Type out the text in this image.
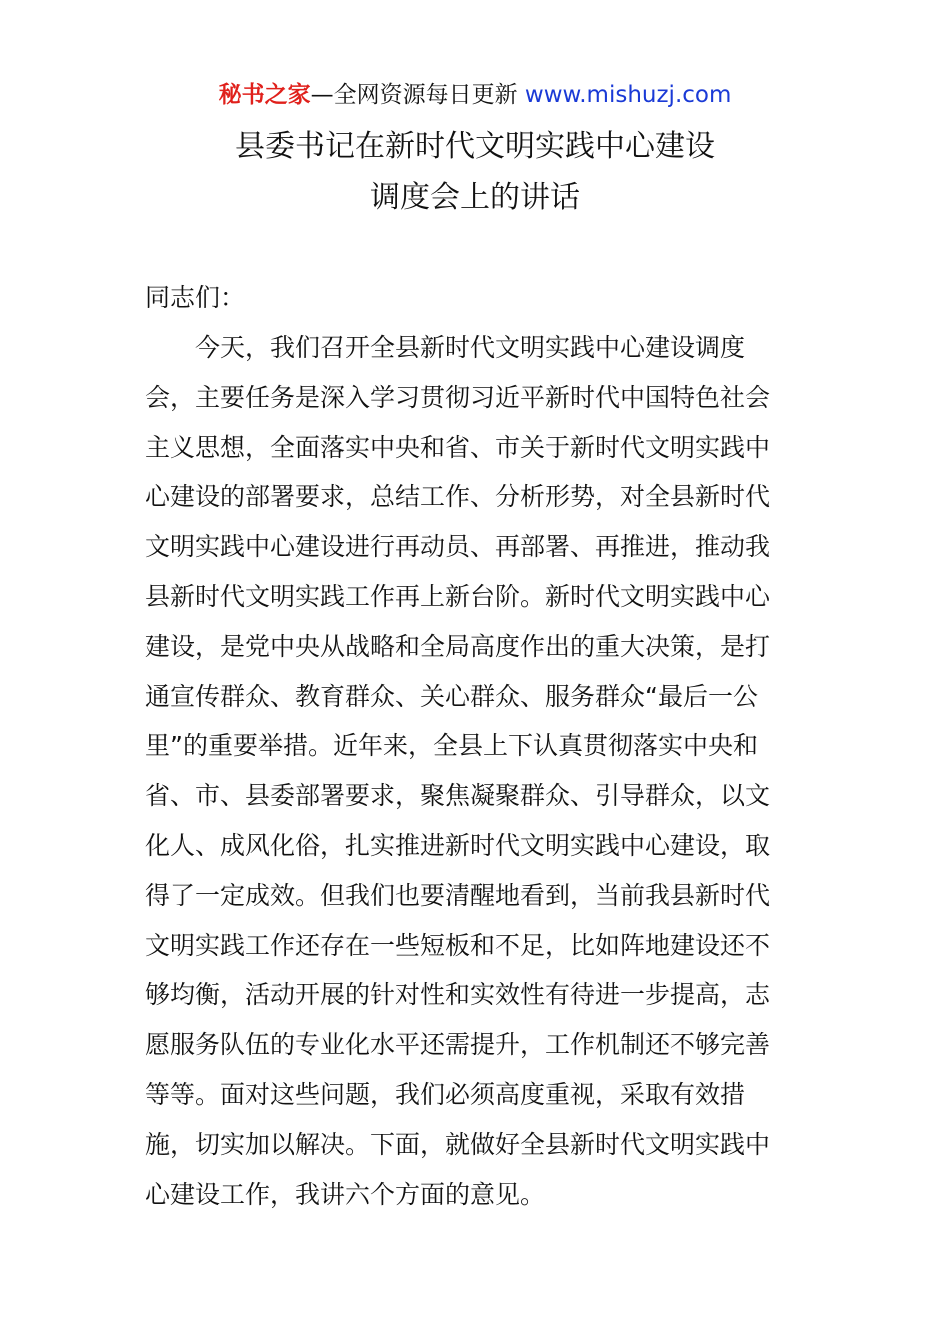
秘书之家—全网资源每日更新 www.mishuzj.com
县委书记在新时代文明实践中心建设
调度会上的讲话
同志们：
今天，我们召开全县新时代文明实践中心建设调度
会，主要任务是深入学习贯彻习近平新时代中国特色社会
主义思想，全面落实中央和省、市关于新时代文明实践中
心建设的部署要求，总结工作、分析形势，对全县新时代
文明实践中心建设进行再动员、再部署、再推进，推动我
县新时代文明实践工作再上新台阶。新时代文明实践中心
建设，是党中央从战略和全局高度作出的重大决策，是打
通宣传群众、教育群众、关心群众、服务群众“最后一公
里”的重要举措。近年来，全县上下认真贯彻落实中央和
省、市、县委部署要求，聚焦凝聚群众、引导群众，以文
化人、成风化俗，扎实推进新时代文明实践中心建设，取
得了一定成效。但我们也要清醒地看到，当前我县新时代
文明实践工作还存在一些短板和不足，比如阵地建设还不
够均衡，活动开展的针对性和实效性有待进一步提高，志
愿服务队伍的专业化水平还需提升，工作机制还不够完善
等等。面对这些问题，我们必须高度重视，采取有效措
施，切实加以解决。下面，就做好全县新时代文明实践中
心建设工作，我讲六个方面的意见。
